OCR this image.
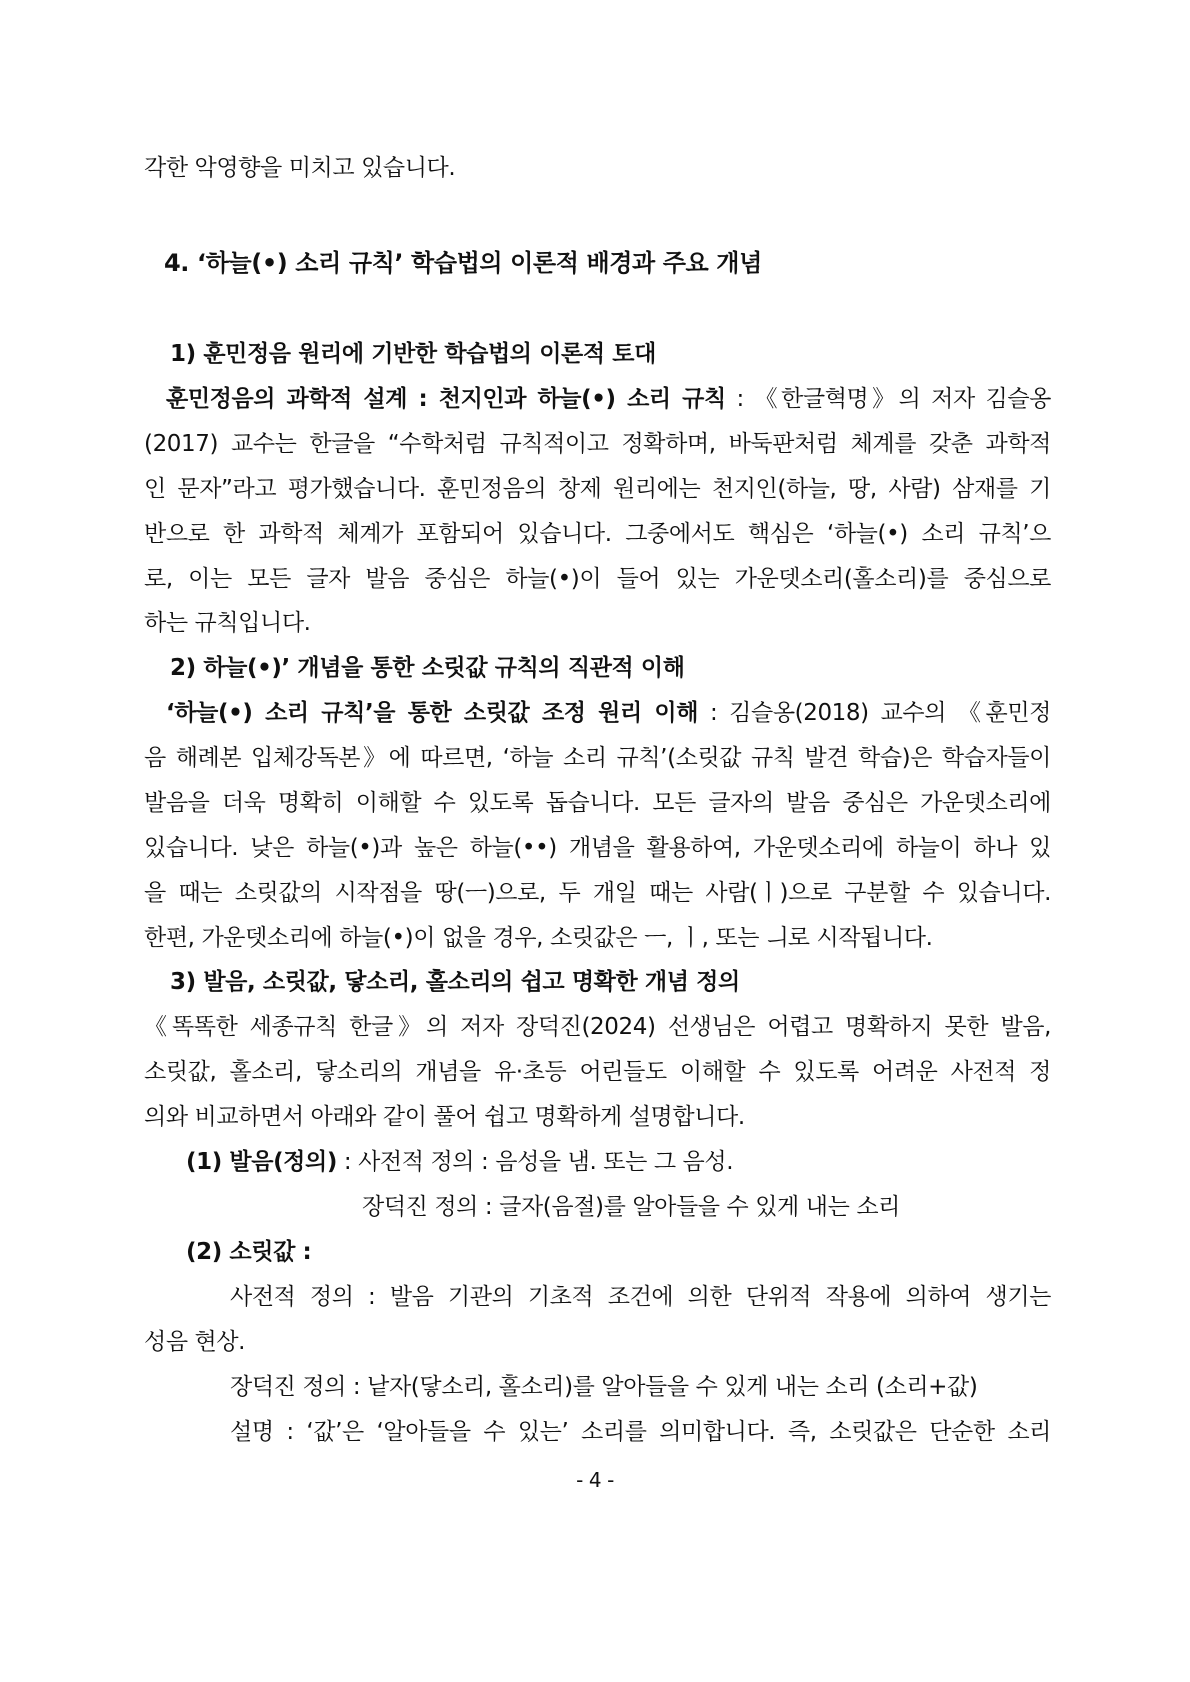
각한 악영향을 미치고 있습니다.
4. ‘하늘(•) 소리 규칙’ 학습법의 이론적 배경과 주요 개념
1) 훈민정음 원리에 기반한 학습법의 이론적 토대
훈민정음의 과학적 설계 : 천지인과 하늘(•) 소리 규칙 : 《한글혁명》의 저자 김슬옹
(2017) 교수는 한글을 “수학처럼 규칙적이고 정확하며, 바둑판처럼 체계를 갖춘 과학적
인 문자”라고 평가했습니다. 훈민정음의 창제 원리에는 천지인(하늘, 땅, 사람) 삼재를 기
반으로 한 과학적 체계가 포함되어 있습니다. 그중에서도 핵심은 ‘하늘(•) 소리 규칙’으
로, 이는 모든 글자 발음 중심은 하늘(•)이 들어 있는 가운뎃소리(홀소리)를 중심으로
하는 규칙입니다.
2) 하늘(•)’ 개념을 통한 소릿값 규칙의 직관적 이해
‘하늘(•) 소리 규칙’을 통한 소릿값 조정 원리 이해 : 김슬옹(2018) 교수의 《훈민정
음 해례본 입체강독본》에 따르면, ‘하늘 소리 규칙’(소릿값 규칙 발견 학습)은 학습자들이
발음을 더욱 명확히 이해할 수 있도록 돕습니다. 모든 글자의 발음 중심은 가운뎃소리에
있습니다. 낮은 하늘(•)과 높은 하늘(••) 개념을 활용하여, 가운뎃소리에 하늘이 하나 있
을 때는 소릿값의 시작점을 땅(ㅡ)으로, 두 개일 때는 사람(ㅣ)으로 구분할 수 있습니다.
한편, 가운뎃소리에 하늘(•)이 없을 경우, 소릿값은 ㅡ, ㅣ, 또는 ㅢ로 시작됩니다.
3) 발음, 소릿값, 닿소리, 홀소리의 쉽고 명확한 개념 정의
《똑똑한 세종규칙 한글》의 저자 장덕진(2024) 선생님은 어렵고 명확하지 못한 발음,
소릿값, 홀소리, 닿소리의 개념을 유·초등 어린들도 이해할 수 있도록 어려운 사전적 정
의와 비교하면서 아래와 같이 풀어 쉽고 명확하게 설명합니다.
(1) 발음(정의) : 사전적 정의 : 음성을 냄. 또는 그 음성.
장덕진 정의 : 글자(음절)를 알아들을 수 있게 내는 소리
(2) 소릿값 :
사전적 정의 : 발음 기관의 기초적 조건에 의한 단위적 작용에 의하여 생기는
성음 현상.
장덕진 정의 : 낱자(닿소리, 홀소리)를 알아들을 수 있게 내는 소리 (소리+값)
설명 : ‘값’은 ‘알아들을 수 있는’ 소리를 의미합니다. 즉, 소릿값은 단순한 소리
- 4 -
